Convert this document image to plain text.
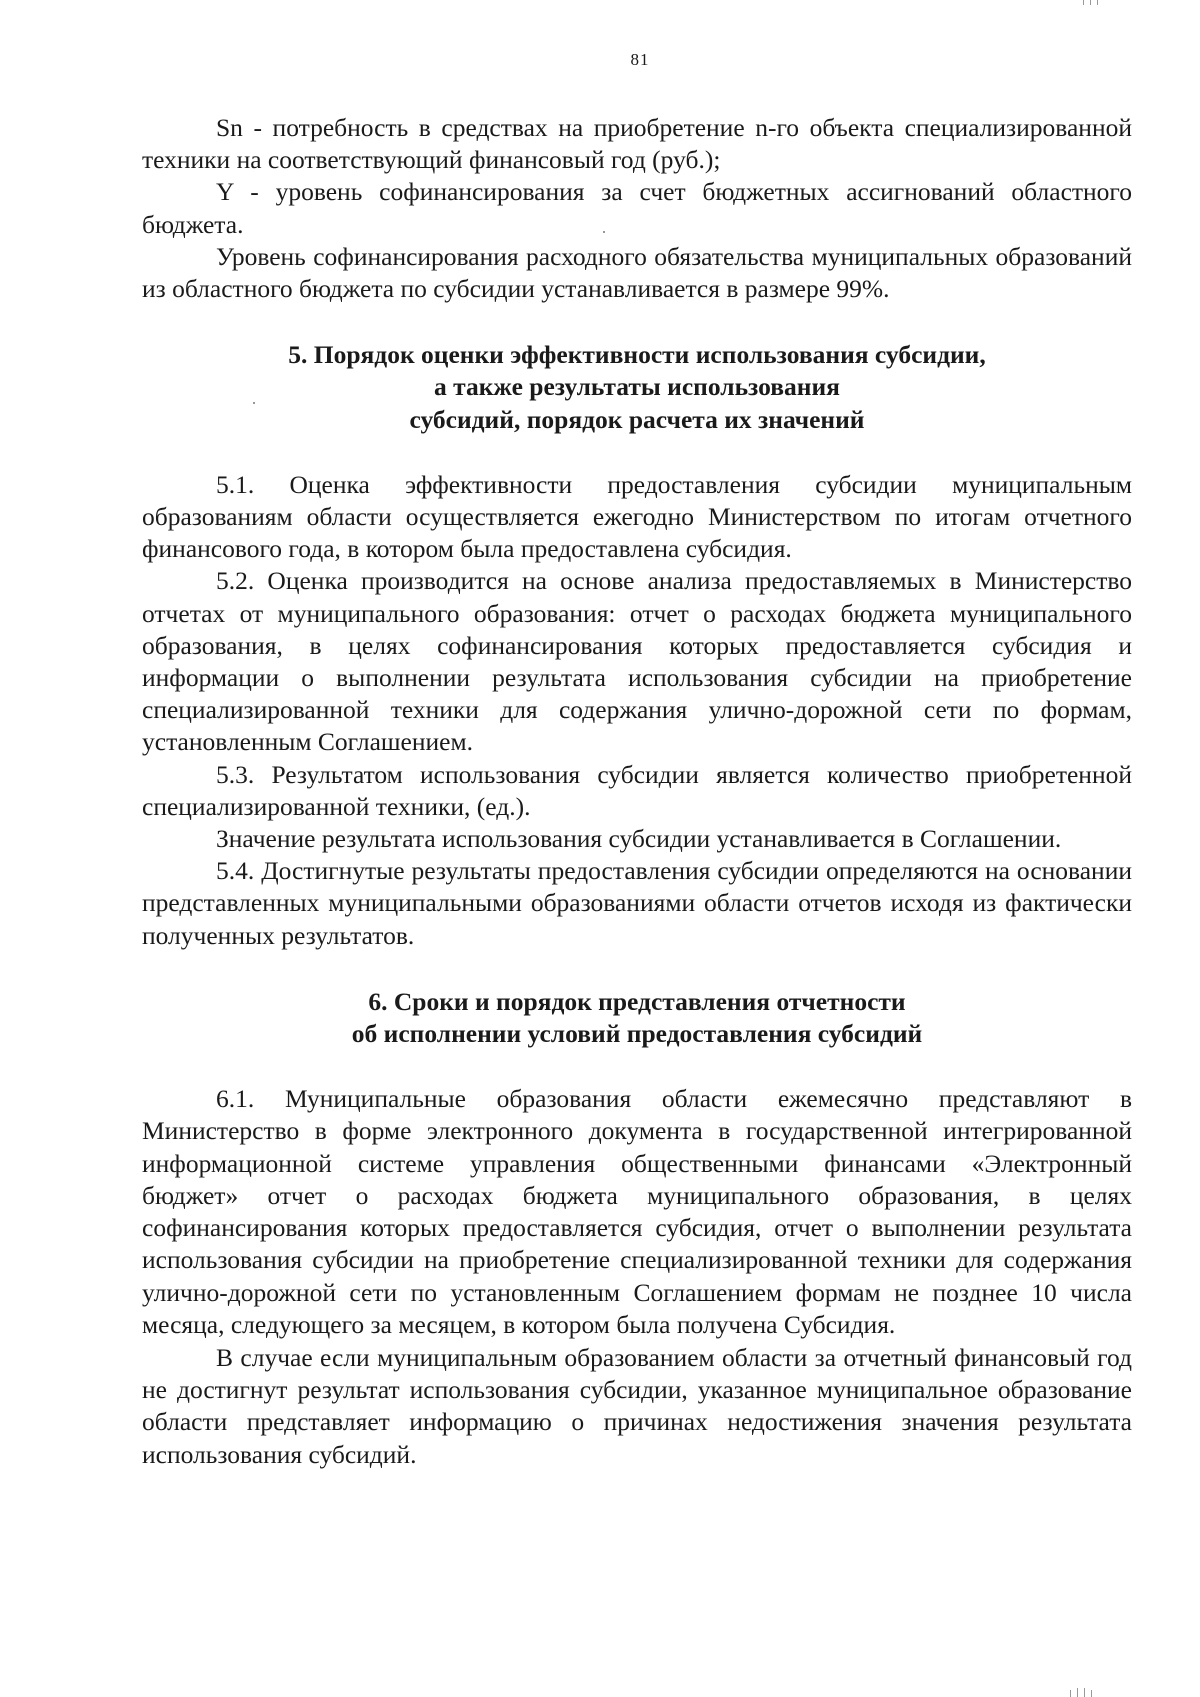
81

Sn - потребность в средствах на приобретение n-го объекта специализированной техники на соответствующий финансовый год (руб.);

Y - уровень софинансирования за счет бюджетных ассигнований областного бюджета.

Уровень софинансирования расходного обязательства муниципальных образований из областного бюджета по субсидии устанавливается в размере 99%.

5. Порядок оценки эффективности использования субсидии,
а также результаты использования
субсидий, порядок расчета их значений

5.1. Оценка эффективности предоставления субсидии муниципальным образованиям области осуществляется ежегодно Министерством по итогам отчетного финансового года, в котором была предоставлена субсидия.

5.2. Оценка производится на основе анализа предоставляемых в Министерство отчетах от муниципального образования: отчет о расходах бюджета муниципального образования, в целях софинансирования которых предоставляется субсидия и информации о выполнении результата использования субсидии на приобретение специализированной техники для содержания улично-дорожной сети по формам, установленным Соглашением.

5.3. Результатом использования субсидии является количество приобретенной специализированной техники, (ед.).

Значение результата использования субсидии устанавливается в Соглашении.

5.4. Достигнутые результаты предоставления субсидии определяются на основании представленных муниципальными образованиями области отчетов исходя из фактически полученных результатов.

6. Сроки и порядок представления отчетности
об исполнении условий предоставления субсидий

6.1. Муниципальные образования области ежемесячно представляют в Министерство в форме электронного документа в государственной интегрированной информационной системе управления общественными финансами «Электронный бюджет» отчет о расходах бюджета муниципального образования, в целях софинансирования которых предоставляется субсидия, отчет о выполнении результата использования субсидии на приобретение специализированной техники для содержания улично-дорожной сети по установленным Соглашением формам не позднее 10 числа месяца, следующего за месяцем, в котором была получена Субсидия.

В случае если муниципальным образованием области за отчетный финансовый год не достигнут результат использования субсидии, указанное муниципальное образование области представляет информацию о причинах недостижения значения результата использования субсидий.
